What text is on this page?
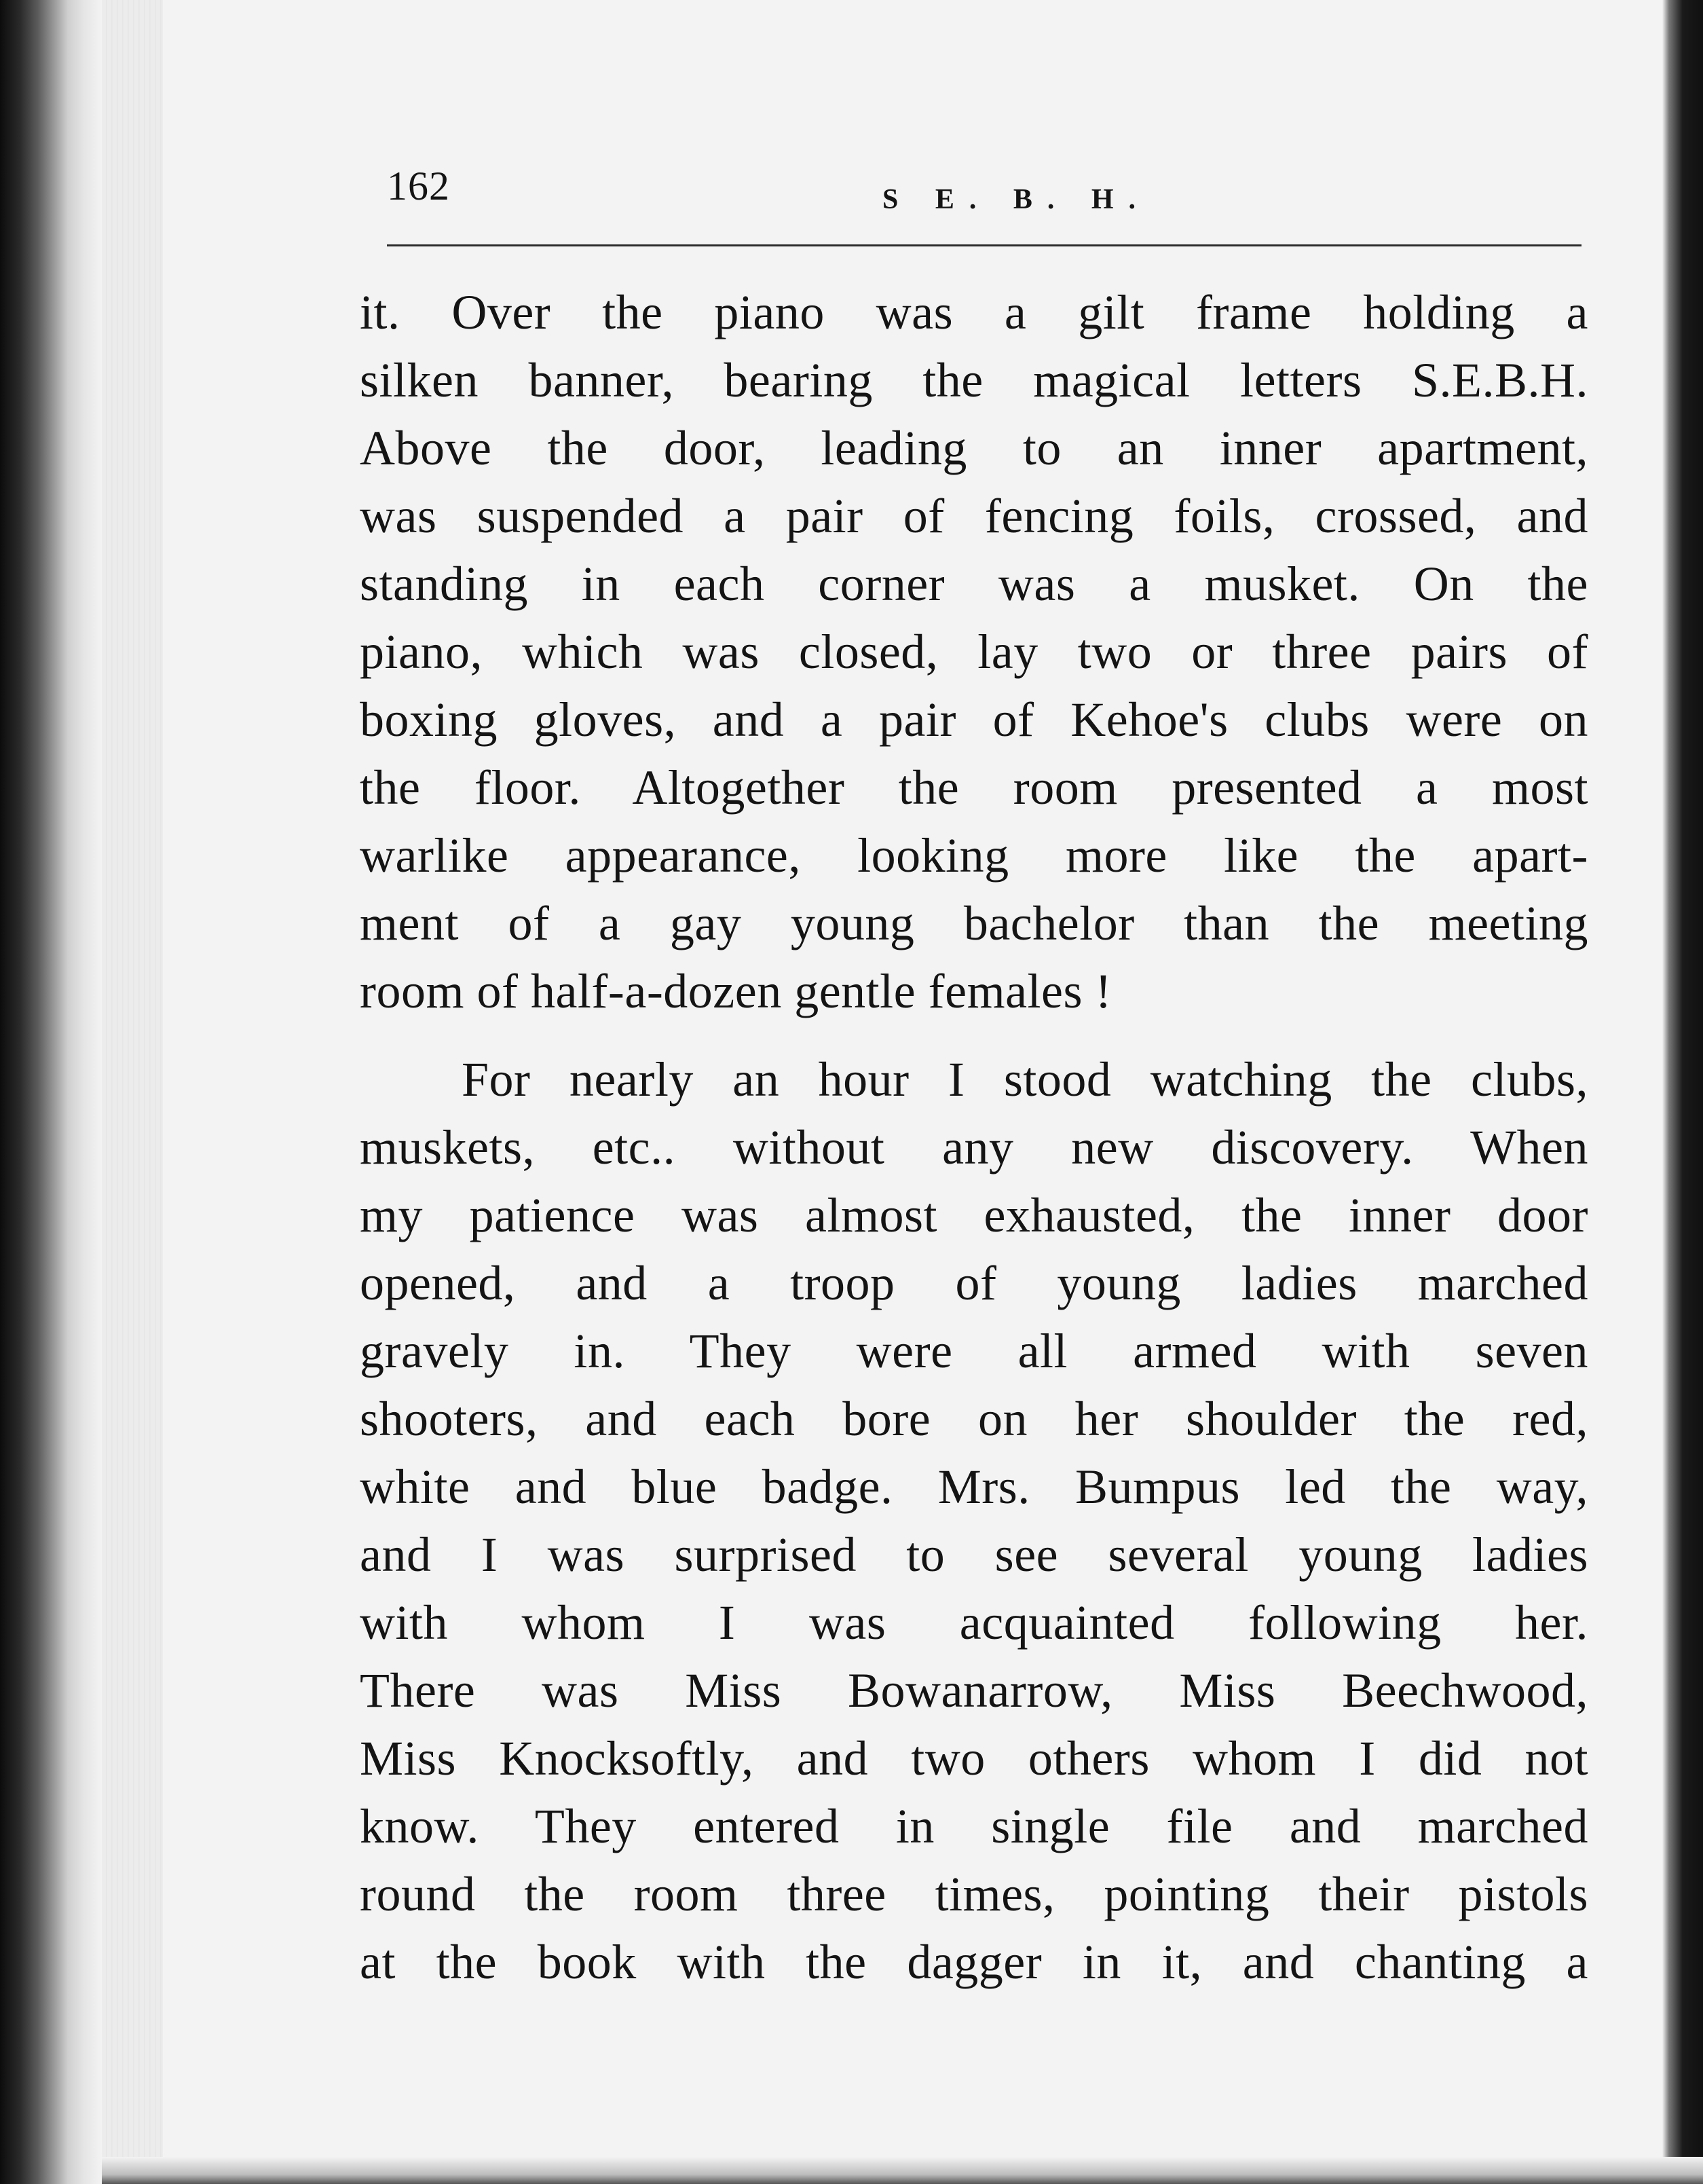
162	S E. B. H.
it. Over the piano was a gilt frame holding a
silken banner, bearing the magical letters S.E.B.H.
Above the door, leading to an inner apartment,
was suspended a pair of fencing foils, crossed, and
standing in each corner was a musket. On the
piano, which was closed, lay two or three pairs of
boxing gloves, and a pair of Kehoe's clubs were on
the floor. Altogether the room presented a most
warlike appearance, looking more like the apart-
ment of a gay young bachelor than the meeting
room of half-a-dozen gentle females !
For nearly an hour I stood watching the clubs,
muskets, etc.. without any new discovery. When
my patience was almost exhausted, the inner door
opened, and a troop of young ladies marched
gravely in. They were all armed with seven
shooters, and each bore on her shoulder the red,
white and blue badge. Mrs. Bumpus led the way,
and I was surprised to see several young ladies
with whom I was acquainted following her.
There was Miss Bowanarrow, Miss Beechwood,
Miss Knocksoftly, and two others whom I did not
know. They entered in single file and marched
round the room three times, pointing their pistols
at the book with the dagger in it, and chanting a
